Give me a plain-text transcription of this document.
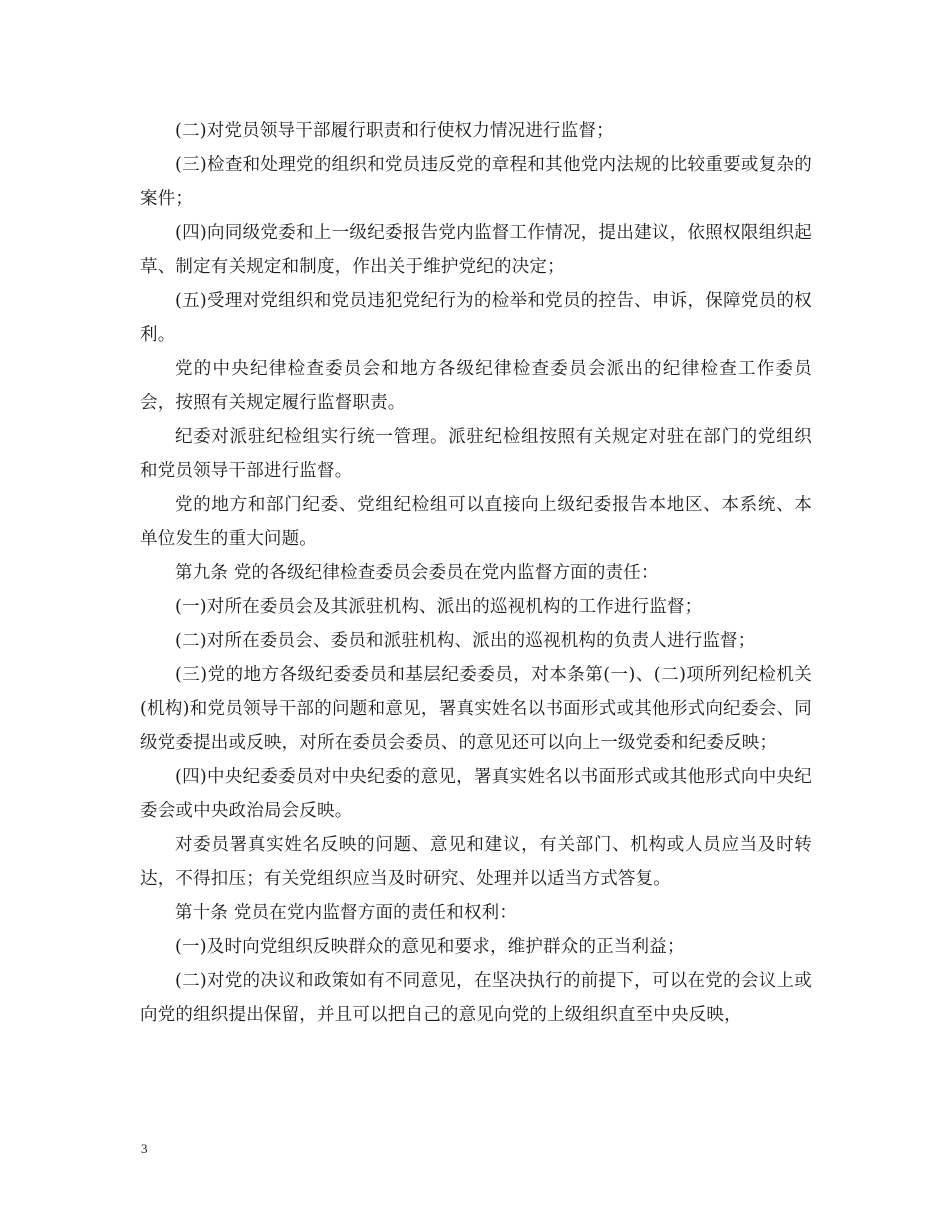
(二)对党员领导干部履行职责和行使权力情况进行监督；

(三)检查和处理党的组织和党员违反党的章程和其他党内法规的比较重要或复杂的案件；

(四)向同级党委和上一级纪委报告党内监督工作情况，提出建议，依照权限组织起草、制定有关规定和制度，作出关于维护党纪的决定；

(五)受理对党组织和党员违犯党纪行为的检举和党员的控告、申诉，保障党员的权利。

党的中央纪律检查委员会和地方各级纪律检查委员会派出的纪律检查工作委员会，按照有关规定履行监督职责。

纪委对派驻纪检组实行统一管理。派驻纪检组按照有关规定对驻在部门的党组织和党员领导干部进行监督。

党的地方和部门纪委、党组纪检组可以直接向上级纪委报告本地区、本系统、本单位发生的重大问题。

第九条 党的各级纪律检查委员会委员在党内监督方面的责任：

(一)对所在委员会及其派驻机构、派出的巡视机构的工作进行监督；

(二)对所在委员会、委员和派驻机构、派出的巡视机构的负责人进行监督；

(三)党的地方各级纪委委员和基层纪委委员，对本条第(一)、(二)项所列纪检机关(机构)和党员领导干部的问题和意见，署真实姓名以书面形式或其他形式向纪委会、同级党委提出或反映，对所在委员会委员、的意见还可以向上一级党委和纪委反映；

(四)中央纪委委员对中央纪委的意见，署真实姓名以书面形式或其他形式向中央纪委会或中央政治局会反映。

对委员署真实姓名反映的问题、意见和建议，有关部门、机构或人员应当及时转达，不得扣压；有关党组织应当及时研究、处理并以适当方式答复。

第十条 党员在党内监督方面的责任和权利：

(一)及时向党组织反映群众的意见和要求，维护群众的正当利益；

(二)对党的决议和政策如有不同意见，在坚决执行的前提下，可以在党的会议上或向党的组织提出保留，并且可以把自己的意见向党的上级组织直至中央反映，

3
